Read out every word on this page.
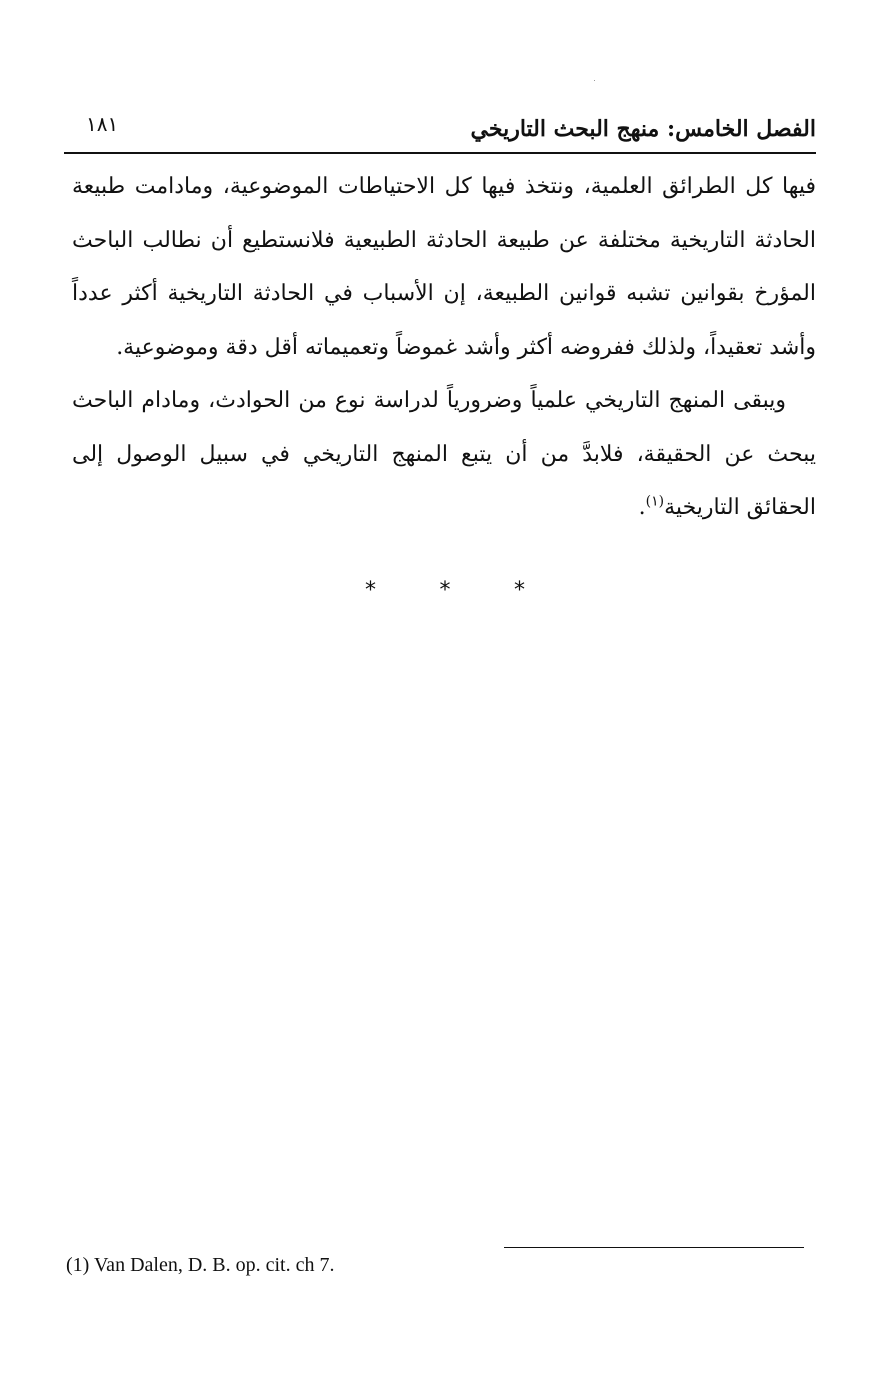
الفصل الخامس: منهج البحث التاريخي
١٨١

فيها كل الطرائق العلمية، ونتخذ فيها كل الاحتياطات الموضوعية، ومادامت طبيعة الحادثة التاريخية مختلفة عن طبيعة الحادثة الطبيعية فلانستطيع أن نطالب الباحث المؤرخ بقوانين تشبه قوانين الطبيعة، إن الأسباب في الحادثة التاريخية أكثر عدداً وأشد تعقيداً، ولذلك ففروضه أكثر وأشد غموضاً وتعميماته أقل دقة وموضوعية.

ويبقى المنهج التاريخي علمياً وضرورياً لدراسة نوع من الحوادث، ومادام الباحث يبحث عن الحقيقة، فلابدَّ من أن يتبع المنهج التاريخي في سبيل الوصول إلى الحقائق التاريخية$^{(١)}$.

*	*	*
(1) Van Dalen, D. B. op. cit. ch 7.
